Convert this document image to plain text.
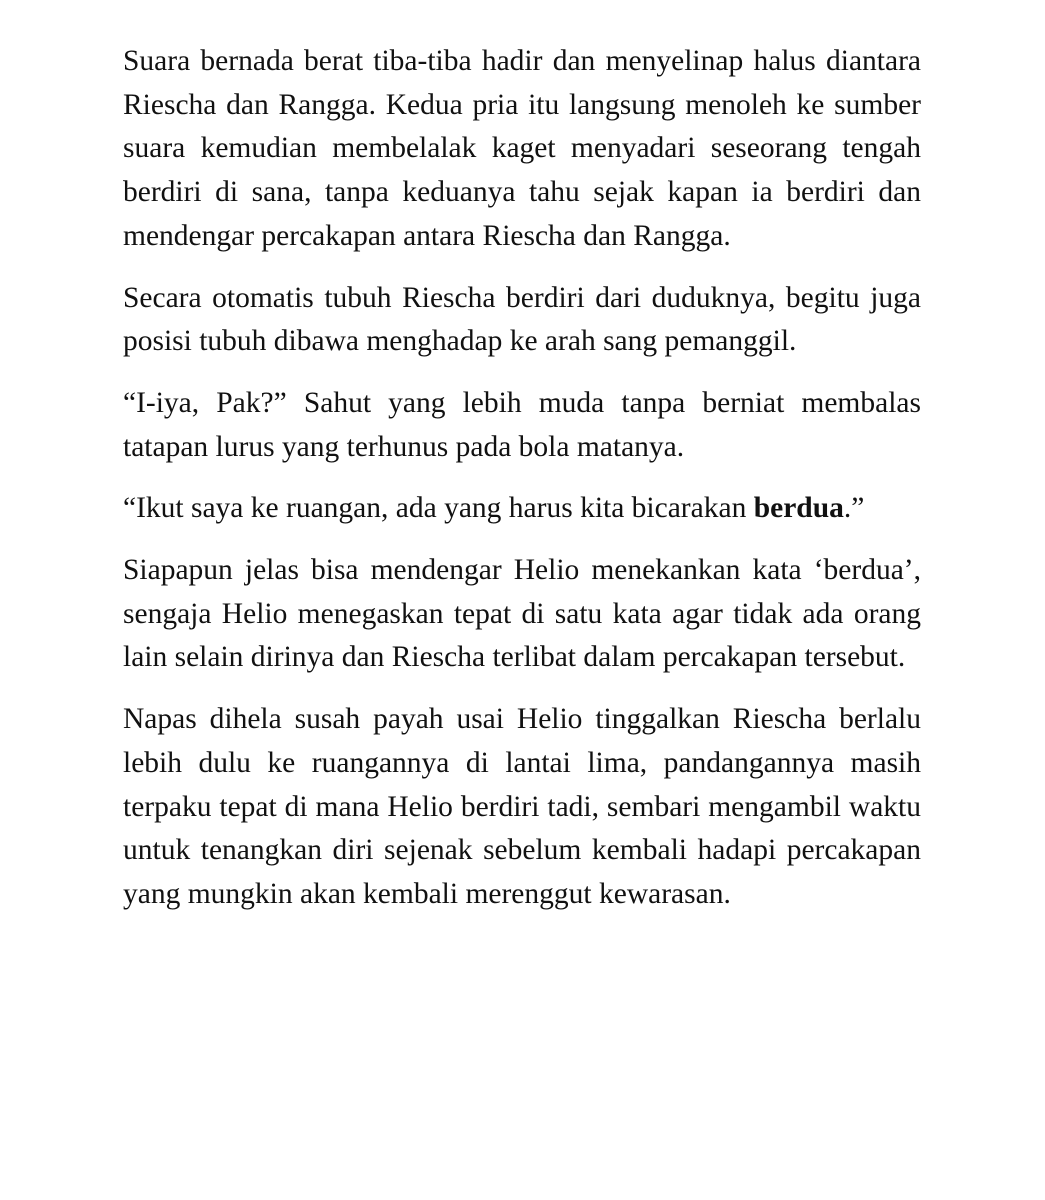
Suara bernada berat tiba-tiba hadir dan menyelinap halus diantara Riescha dan Rangga. Kedua pria itu langsung menoleh ke sumber suara kemudian membelalak kaget menyadari seseorang tengah berdiri di sana, tanpa keduanya tahu sejak kapan ia berdiri dan mendengar percakapan antara Riescha dan Rangga.

Secara otomatis tubuh Riescha berdiri dari duduknya, begitu juga posisi tubuh dibawa menghadap ke arah sang pemanggil.

“I-iya, Pak?” Sahut yang lebih muda tanpa berniat membalas tatapan lurus yang terhunus pada bola matanya.

“Ikut saya ke ruangan, ada yang harus kita bicarakan berdua.”

Siapapun jelas bisa mendengar Helio menekankan kata ‘berdua’, sengaja Helio menegaskan tepat di satu kata agar tidak ada orang lain selain dirinya dan Riescha terlibat dalam percakapan tersebut.

Napas dihela susah payah usai Helio tinggalkan Riescha berlalu lebih dulu ke ruangannya di lantai lima, pandangannya masih terpaku tepat di mana Helio berdiri tadi, sembari mengambil waktu untuk tenangkan diri sejenak sebelum kembali hadapi percakapan yang mungkin akan kembali merenggut kewarasan.
